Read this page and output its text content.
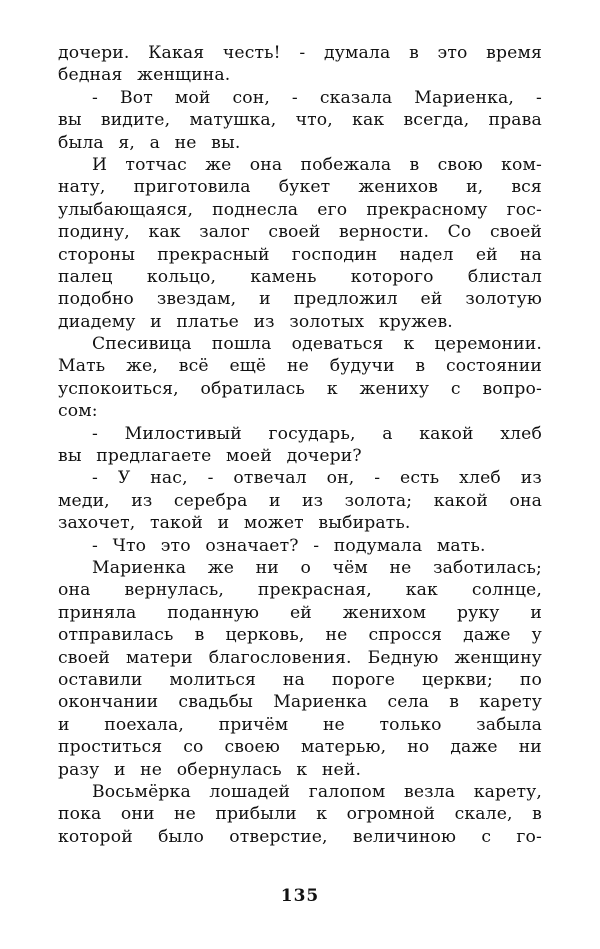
дочери. Какая честь! - думала в это время
бедная женщина.
- Вот мой сон, - сказала Мариенка, -
вы видите, матушка, что, как всегда, права
была я, а не вы.
И тотчас же она побежала в свою ком-
нату, приготовила букет женихов и, вся
улыбающаяся, поднесла его прекрасному гос-
подину, как залог своей верности. Со своей
стороны прекрасный господин надел ей на
палец кольцо, камень которого блистал
подобно звездам, и предложил ей золотую
диадему и платье из золотых кружев.
Спесивица пошла одеваться к церемонии.
Мать же, всё ещё не будучи в состоянии
успокоиться, обратилась к жениху с вопро-
сом:
- Милостивый государь, а какой хлеб
вы предлагаете моей дочери?
- У нас, - отвечал он, - есть хлеб из
меди, из серебра и из золота; какой она
захочет, такой и может выбирать.
- Что это означает? - подумала мать.
Мариенка же ни о чём не заботилась;
она вернулась, прекрасная, как солнце,
приняла поданную ей женихом руку и
отправилась в церковь, не спросся даже у
своей матери благословения. Бедную женщину
оставили молиться на пороге церкви; по
окончании свадьбы Мариенка села в карету
и поехала, причём не только забыла
проститься со своею матерью, но даже ни
разу и не обернулась к ней.
Восьмёрка лошадей галопом везла карету,
пока они не прибыли к огромной скале, в
которой было отверстие, величиною с го-
135
